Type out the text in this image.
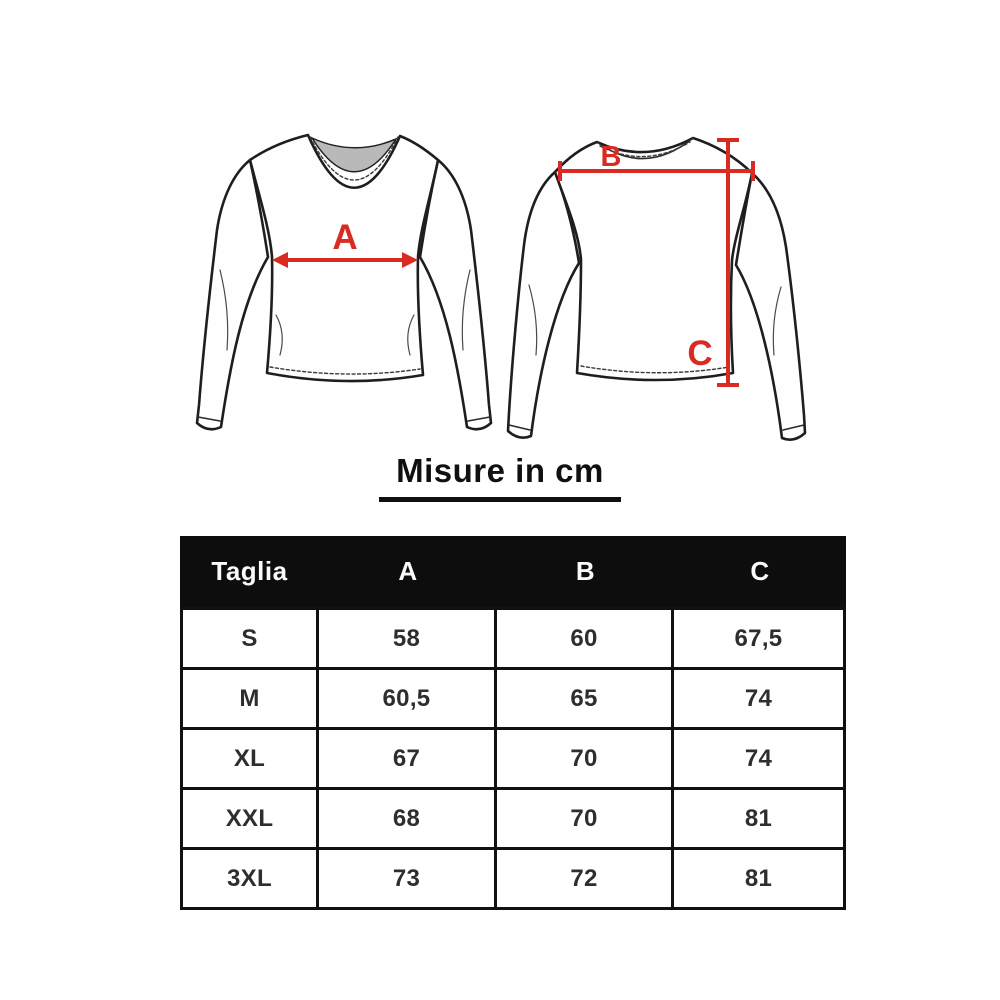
A
B
C
Misure in cm
Taglia	A	B	C
S	58	60	67,5
M	60,5	65	74
XL	67	70	74
XXL	68	70	81
3XL	73	72	81
